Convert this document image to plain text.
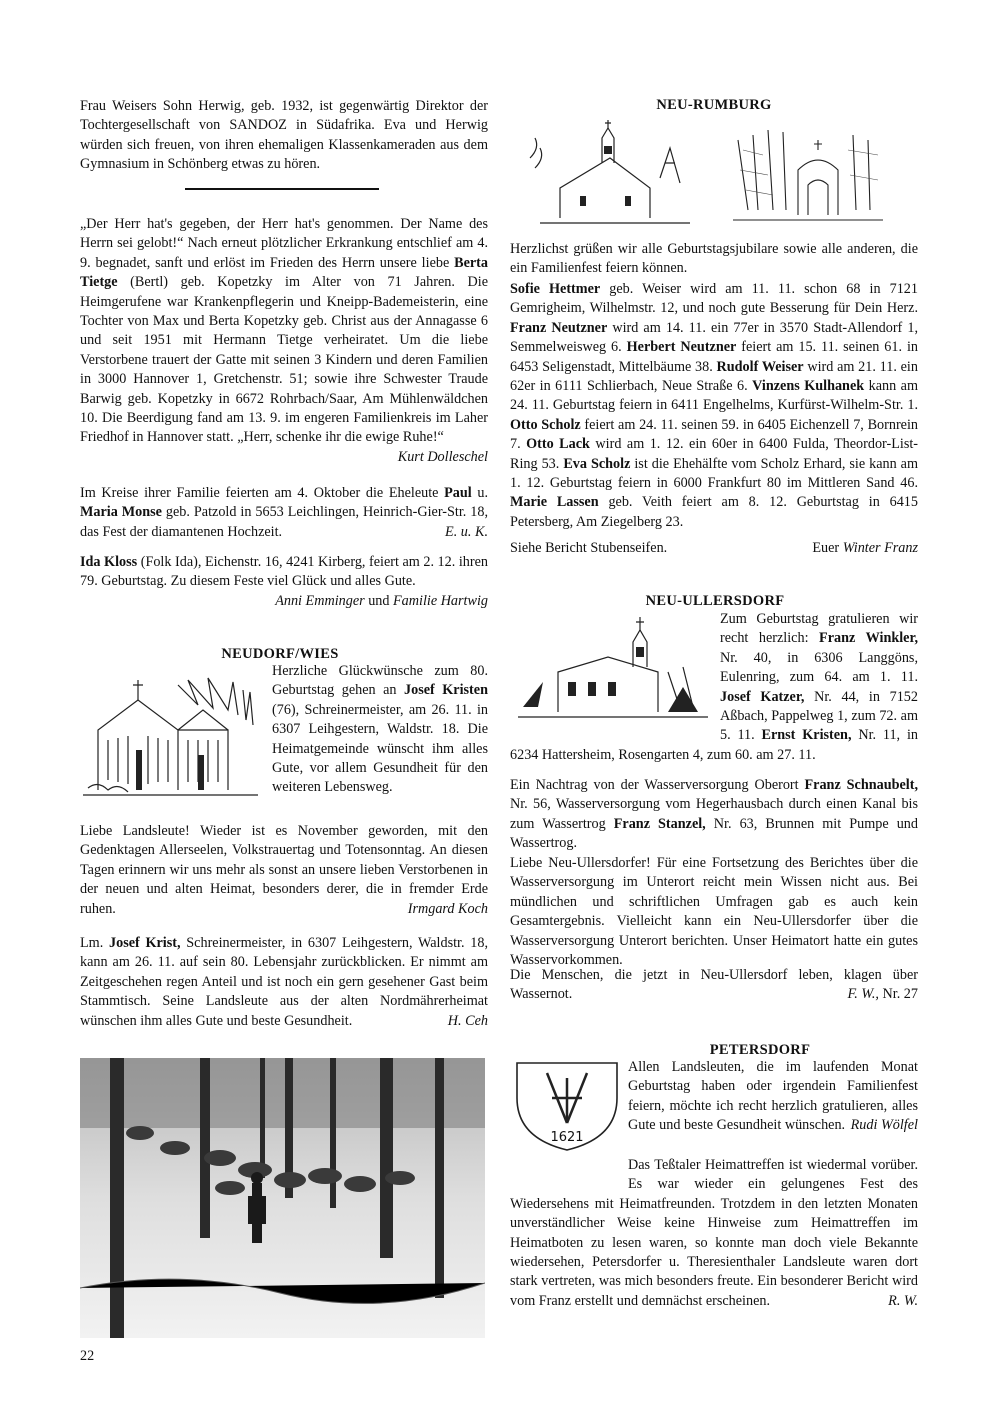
Frau Weisers Sohn Herwig, geb. 1932, ist gegenwärtig Direktor der Tochtergesellschaft von SANDOZ in Südafrika. Eva und Herwig würden sich freuen, von ihren ehemaligen Klassenkameraden aus dem Gymnasium in Schönberg etwas zu hören.

„Der Herr hat's gegeben, der Herr hat's genommen. Der Name des Herrn sei gelobt!“ Nach erneut plötzlicher Erkrankung entschlief am 4. 9. begnadet, sanft und erlöst im Frieden des Herrn unsere liebe Berta Tietge (Bertl) geb. Kopetzky im Alter von 71 Jahren. Die Heimgerufene war Krankenpflegerin und Kneipp-Bademeisterin, eine Tochter von Max und Berta Kopetzky geb. Christ aus der Annagasse 6 und seit 1951 mit Hermann Tietge verheiratet. Um die liebe Verstorbene trauert der Gatte mit seinen 3 Kindern und deren Familien in 3000 Hannover 1, Gretchenstr. 51; sowie ihre Schwester Traude Barwig geb. Kopetzky in 6672 Rohrbach/Saar, Am Mühlenwäldchen 10. Die Beerdigung fand am 13. 9. im engeren Familienkreis im Laher Friedhof in Hannover statt. „Herr, schenke ihr die ewige Ruhe!“

Kurt Dolleschel

Im Kreise ihrer Familie feierten am 4. Oktober die Eheleute Paul u. Maria Monse geb. Patzold in 5653 Leichlingen, Heinrich-Gier-Str. 18, das Fest der diamantenen Hochzeit.	E. u. K.

Ida Kloss (Folk Ida), Eichenstr. 16, 4241 Kirberg, feiert am 2. 12. ihren 79. Geburtstag. Zu diesem Feste viel Glück und alles Gute.
Anni Emminger und Familie Hartwig

NEUDORF/WIES

Herzliche Glückwünsche zum 80. Geburtstag gehen an Josef Kristen (76), Schreinermeister, am 26. 11. in 6307 Leihgestern, Waldstr. 18. Die Heimatgemeinde wünscht ihm alles Gute, vor allem Gesundheit für den weiteren Lebensweg.

Liebe Landsleute! Wieder ist es November geworden, mit den Gedenktagen Allerseelen, Volkstrauertag und Totensonntag. An diesen Tagen erinnern wir uns mehr als sonst an unsere lieben Verstorbenen in der neuen und alten Heimat, besonders derer, die in fremder Erde ruhen.	Irmgard Koch

Lm. Josef Krist, Schreinermeister, in 6307 Leihgestern, Waldstr. 18, kann am 26. 11. auf sein 80. Lebensjahr zurückblicken. Er nimmt am Zeitgeschehen regen Anteil und ist noch ein gern gesehener Gast beim Stammtisch. Seine Landsleute aus der alten Nordmährerheimat wünschen ihm alles Gute und beste Gesundheit.	H. Ceh

22
NEU-RUMBURG

Herzlichst grüßen wir alle Geburtstagsjubilare sowie alle anderen, die ein Familienfest feiern können.

Sofie Hettmer geb. Weiser wird am 11. 11. schon 68 in 7121 Gemrigheim, Wilhelmstr. 12, und noch gute Besserung für Dein Herz. Franz Neutzner wird am 14. 11. ein 77er in 3570 Stadt-Allendorf 1, Semmelweisweg 6. Herbert Neutzner feiert am 15. 11. seinen 61. in 6453 Seligenstadt, Mittelbäume 38. Rudolf Weiser wird am 21. 11. ein 62er in 6111 Schlierbach, Neue Straße 6. Vinzens Kulhanek kann am 24. 11. Geburtstag feiern in 6411 Engelhelms, Kurfürst-Wilhelm-Str. 1. Otto Scholz feiert am 24. 11. seinen 59. in 6405 Eichenzell 7, Bornrein 7. Otto Lack wird am 1. 12. ein 60er in 6400 Fulda, Theordor-List-Ring 53. Eva Scholz ist die Ehehälfte vom Scholz Erhard, sie kann am 1. 12. Geburtstag feiern in 6000 Frankfurt 80 im Mittleren Sand 46. Marie Lassen geb. Veith feiert am 8. 12. Geburtstag in 6415 Petersberg, Am Ziegelberg 23.

Siehe Bericht Stubenseifen.	Euer Winter Franz
NEU-ULLERSDORF

Zum Geburtstag gratulieren wir recht herzlich: Franz Winkler, Nr. 40, in 6306 Langgöns, Eulenring, zum 64. am 1. 11. Josef Katzer, Nr. 44, in 7152 Aßbach, Pappelweg 1, zum 72. am 5. 11. Ernst Kristen, Nr. 11, in 6234 Hattersheim, Rosengarten 4, zum 60. am 27. 11.

Ein Nachtrag von der Wasserversorgung Oberort Franz Schnaubelt, Nr. 56, Wasserversorgung vom Hegerhausbach durch einen Kanal bis zum Wassertrog Franz Stanzel, Nr. 63, Brunnen mit Pumpe und Wassertrog.

Liebe Neu-Ullersdorfer! Für eine Fortsetzung des Berichtes über die Wasserversorgung im Unterort reicht mein Wissen nicht aus. Bei mündlichen und schriftlichen Umfragen gab es auch kein Gesamtergebnis. Vielleicht kann ein Neu-Ullersdorfer über die Wasserversorgung Unterort berichten. Unser Heimatort hatte ein gutes Wasservorkommen.

Die Menschen, die jetzt in Neu-Ullersdorf leben, klagen über Wassernot.	F. W., Nr. 27

PETERSDORF
1621

Allen Landsleuten, die im laufenden Monat Geburtstag haben oder irgendein Familienfest feiern, möchte ich recht herzlich gratulieren, alles Gute und beste Gesundheit wünschen. Rudi Wölfel

Das Teßtaler Heimattreffen ist wiedermal vorüber. Es war wieder ein gelungenes Fest des Wiedersehens mit Heimatfreunden. Trotzdem in den letzten Monaten unverständlicher Weise keine Hinweise zum Heimattreffen im Heimatboten zu lesen waren, so konnte man doch viele Bekannte wiedersehen, Petersdorfer u. Theresienthaler Landsleute waren dort stark vertreten, was mich besonders freute. Ein besonderer Bericht wird vom Franz erstellt und demnächst erscheinen.	R. W.
